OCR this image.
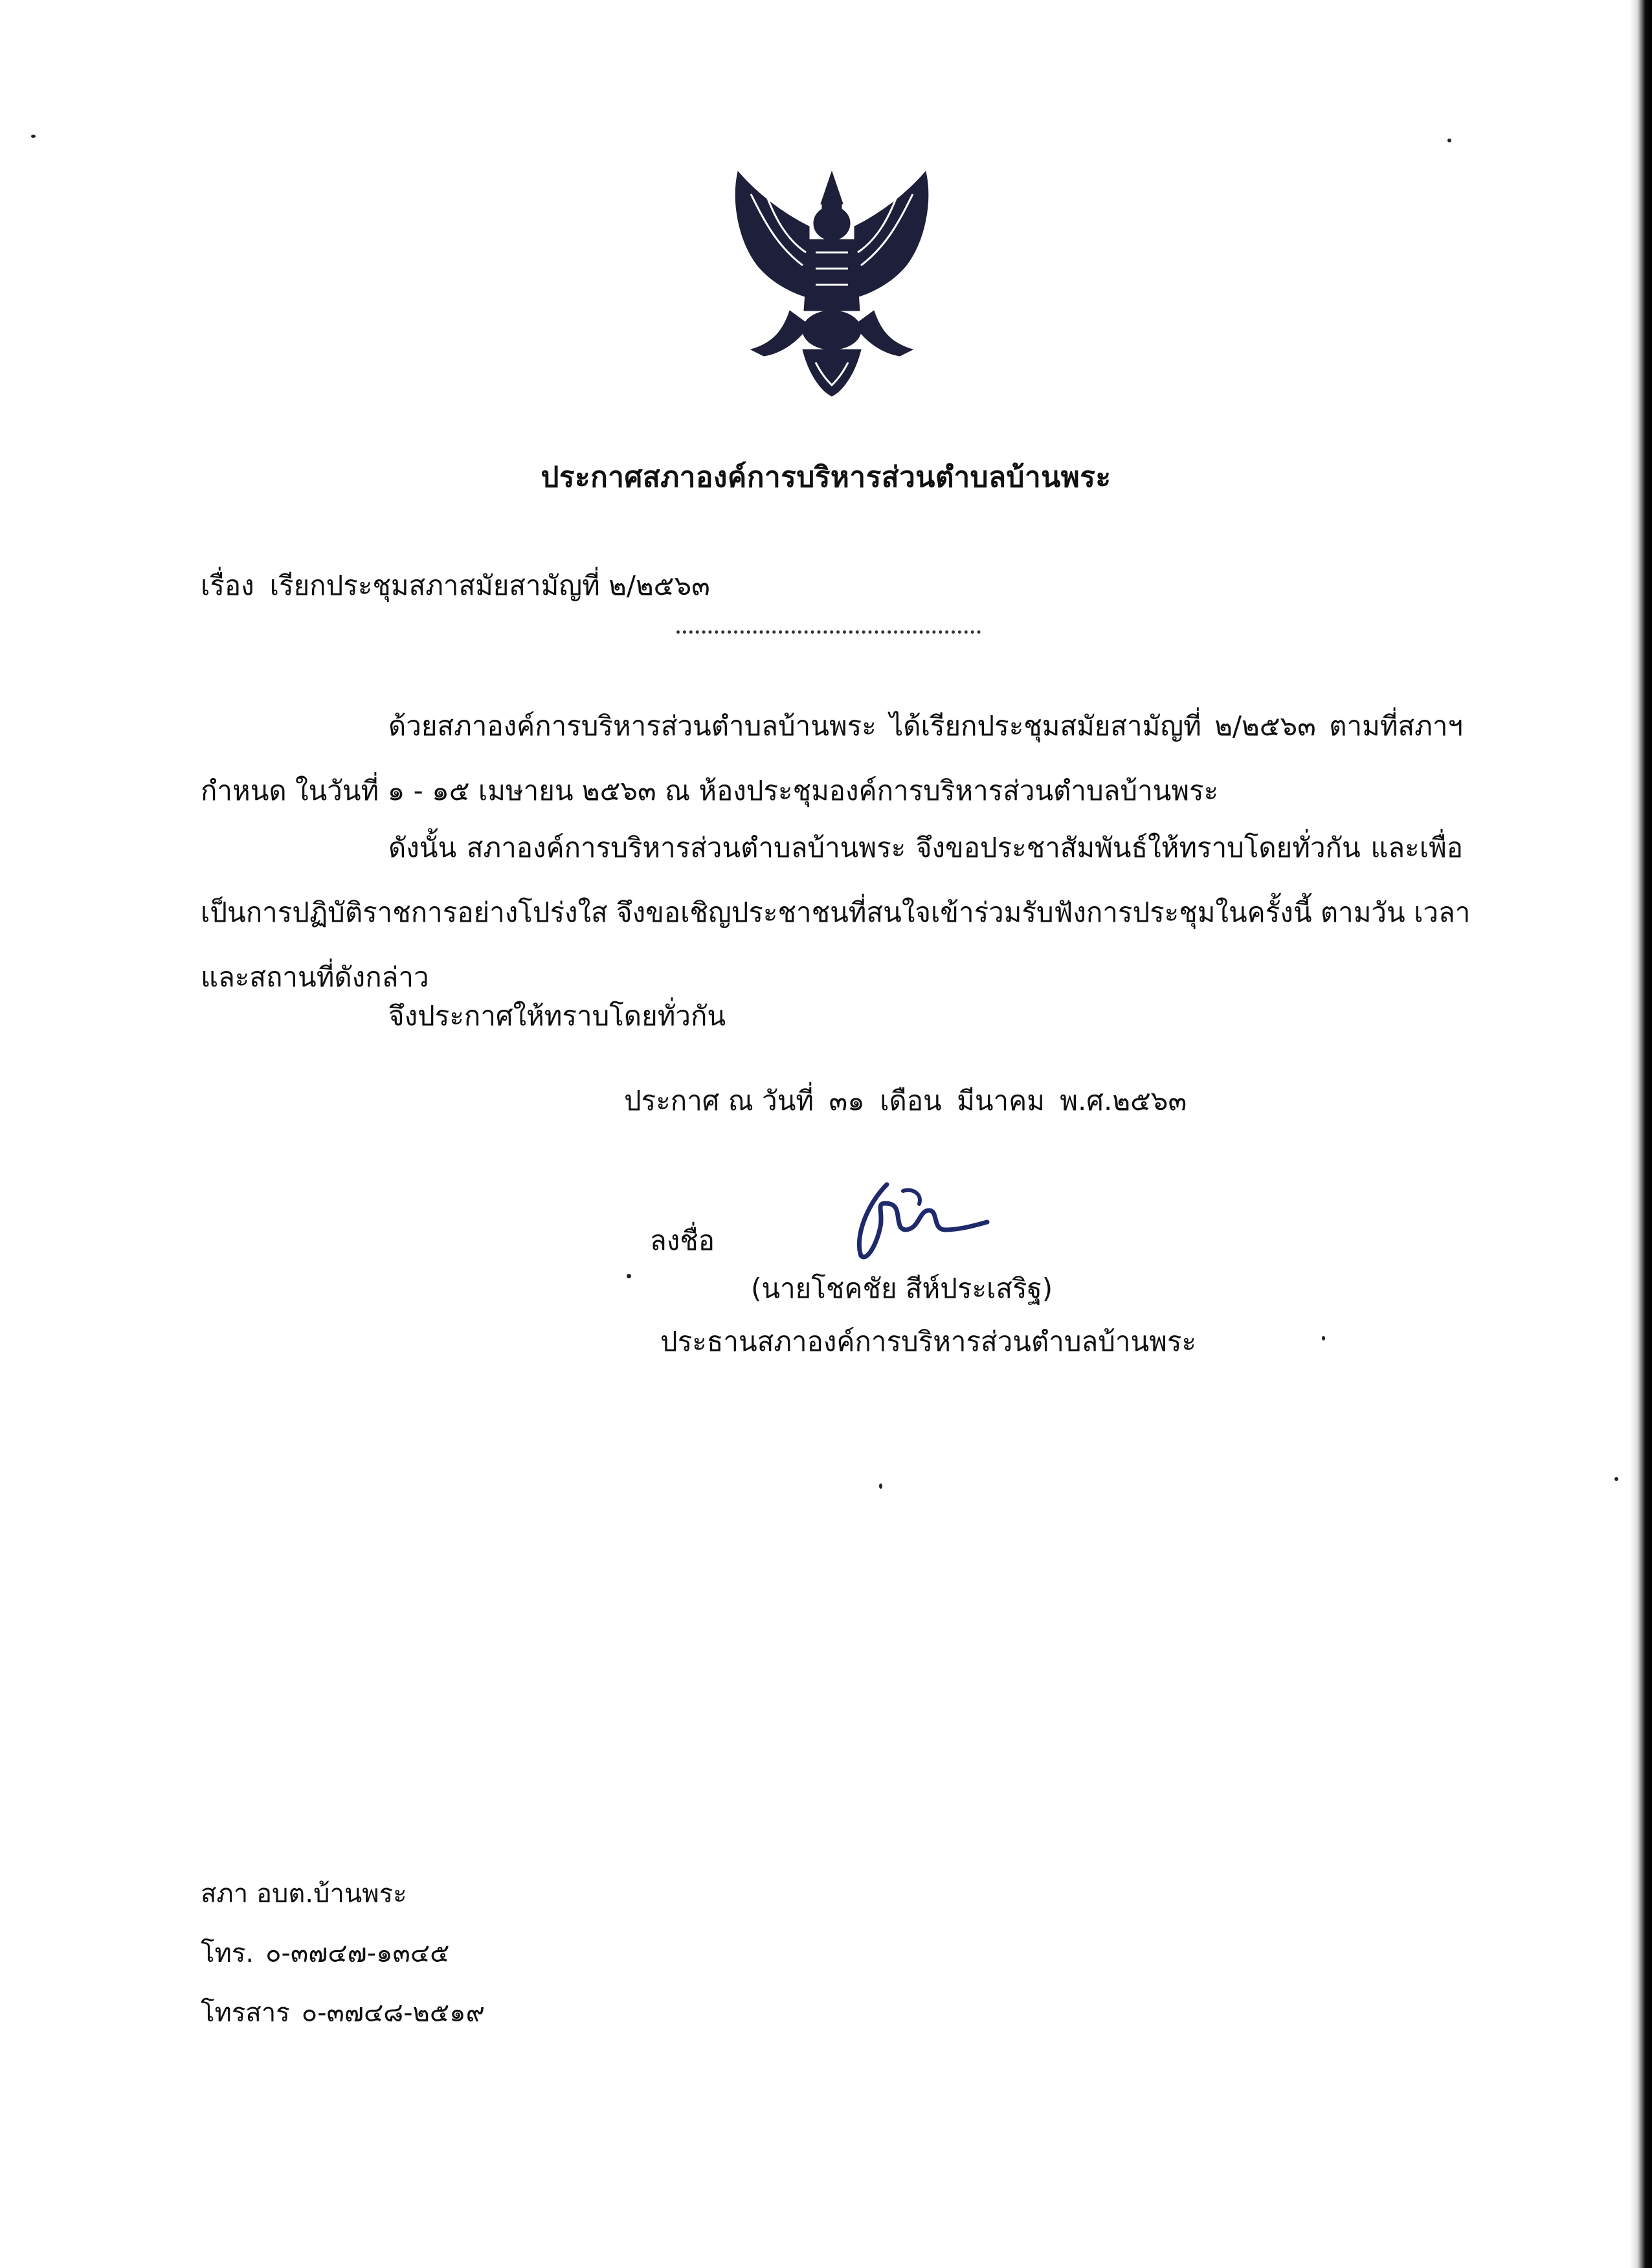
ประกาศสภาองค์การบริหารส่วนตำบลบ้านพระ
เรื่อง เรียกประชุมสภาสมัยสามัญที่ ๒/๒๕๖๓
ด้วยสภาองค์การบริหารส่วนตำบลบ้านพระ ได้เรียกประชุมสมัยสามัญที่ ๒/๒๕๖๓ ตามที่สภาฯ
กำหนด ในวันที่ ๑ - ๑๕ เมษายน ๒๕๖๓ ณ ห้องประชุมองค์การบริหารส่วนตำบลบ้านพระ
ดังนั้น สภาองค์การบริหารส่วนตำบลบ้านพระ จึงขอประชาสัมพันธ์ให้ทราบโดยทั่วกัน และเพื่อ
เป็นการปฏิบัติราชการอย่างโปร่งใส จึงขอเชิญประชาชนที่สนใจเข้าร่วมรับฟังการประชุมในครั้งนี้ ตามวัน เวลา
และสถานที่ดังกล่าว
จึงประกาศให้ทราบโดยทั่วกัน
ประกาศ ณ วันที่ ๓๑ เดือน มีนาคม พ.ศ.๒๕๖๓
ลงชื่อ
(นายโชคชัย สีห์ประเสริฐ)
ประธานสภาองค์การบริหารส่วนตำบลบ้านพระ
สภา อบต.บ้านพระ
โทร. ๐-๓๗๔๗-๑๓๔๕
โทรสาร ๐-๓๗๔๘-๒๕๑๙
